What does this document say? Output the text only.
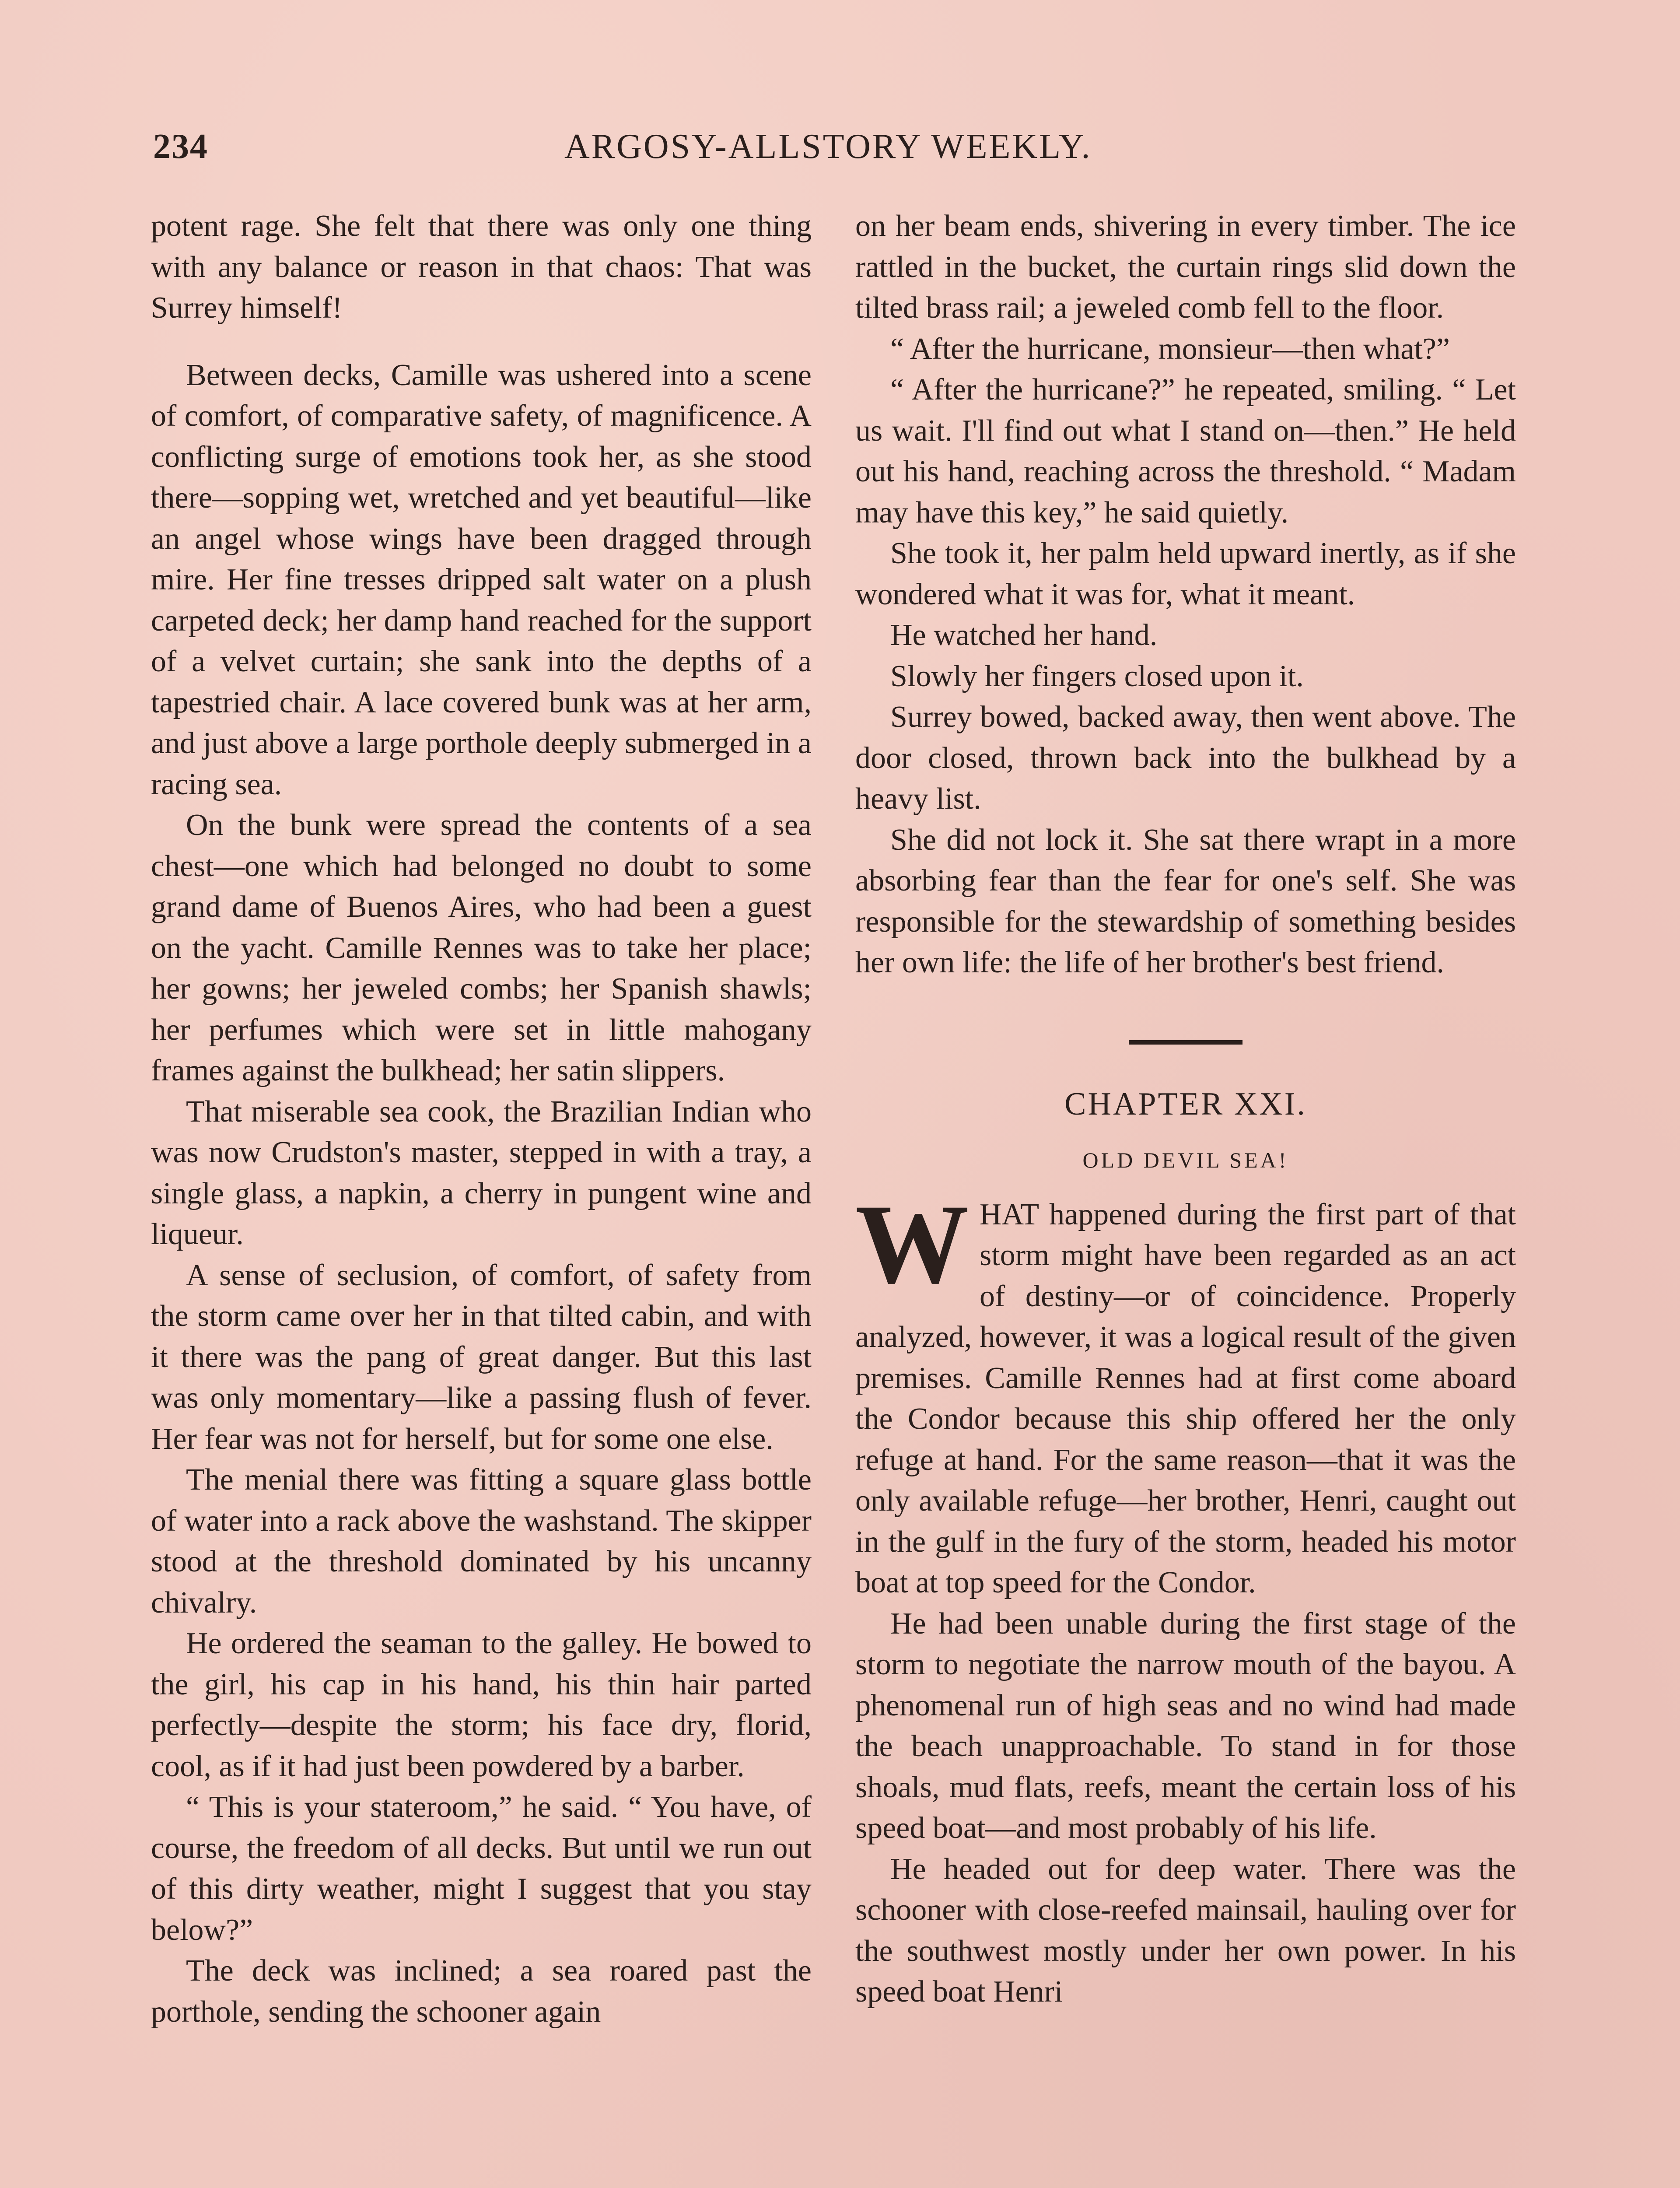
234	ARGOSY-ALLSTORY WEEKLY.

potent rage. She felt that there was only one thing with any balance or reason in that chaos: That was Surrey himself!

Between decks, Camille was ushered into a scene of comfort, of comparative safety, of magnificence. A conflicting surge of emotions took her, as she stood there—sopping wet, wretched and yet beautiful—like an angel whose wings have been dragged through mire. Her fine tresses dripped salt water on a plush carpeted deck; her damp hand reached for the support of a velvet curtain; she sank into the depths of a tapestried chair. A lace covered bunk was at her arm, and just above a large porthole deeply submerged in a racing sea.

On the bunk were spread the contents of a sea chest—one which had belonged no doubt to some grand dame of Buenos Aires, who had been a guest on the yacht. Camille Rennes was to take her place; her gowns; her jeweled combs; her Spanish shawls; her perfumes which were set in little mahogany frames against the bulkhead; her satin slippers.

That miserable sea cook, the Brazilian Indian who was now Crudston's master, stepped in with a tray, a single glass, a napkin, a cherry in pungent wine and liqueur.

A sense of seclusion, of comfort, of safety from the storm came over her in that tilted cabin, and with it there was the pang of great danger. But this last was only momentary—like a passing flush of fever. Her fear was not for herself, but for some one else.

The menial there was fitting a square glass bottle of water into a rack above the washstand. The skipper stood at the threshold dominated by his uncanny chivalry.

He ordered the seaman to the galley. He bowed to the girl, his cap in his hand, his thin hair parted perfectly—despite the storm; his face dry, florid, cool, as if it had just been powdered by a barber.

“ This is your stateroom,” he said. “ You have, of course, the freedom of all decks. But until we run out of this dirty weather, might I suggest that you stay below?”

The deck was inclined; a sea roared past the porthole, sending the schooner again

on her beam ends, shivering in every timber. The ice rattled in the bucket, the curtain rings slid down the tilted brass rail; a jeweled comb fell to the floor.

“ After the hurricane, monsieur—then what?”

“ After the hurricane?” he repeated, smiling. “ Let us wait. I'll find out what I stand on—then.” He held out his hand, reaching across the threshold. “ Madam may have this key,” he said quietly.

She took it, her palm held upward inertly, as if she wondered what it was for, what it meant.

He watched her hand.

Slowly her fingers closed upon it.

Surrey bowed, backed away, then went above. The door closed, thrown back into the bulkhead by a heavy list.

She did not lock it. She sat there wrapt in a more absorbing fear than the fear for one's self. She was responsible for the stewardship of something besides her own life: the life of her brother's best friend.

CHAPTER XXI.
OLD DEVIL SEA!

WHAT happened during the first part of that storm might have been regarded as an act of destiny—or of coincidence. Properly analyzed, however, it was a logical result of the given premises. Camille Rennes had at first come aboard the Condor because this ship offered her the only refuge at hand. For the same reason—that it was the only available refuge—her brother, Henri, caught out in the gulf in the fury of the storm, headed his motor boat at top speed for the Condor.

He had been unable during the first stage of the storm to negotiate the narrow mouth of the bayou. A phenomenal run of high seas and no wind had made the beach unapproachable. To stand in for those shoals, mud flats, reefs, meant the certain loss of his speed boat—and most probably of his life.

He headed out for deep water. There was the schooner with close-reefed mainsail, hauling over for the southwest mostly under her own power. In his speed boat Henri
